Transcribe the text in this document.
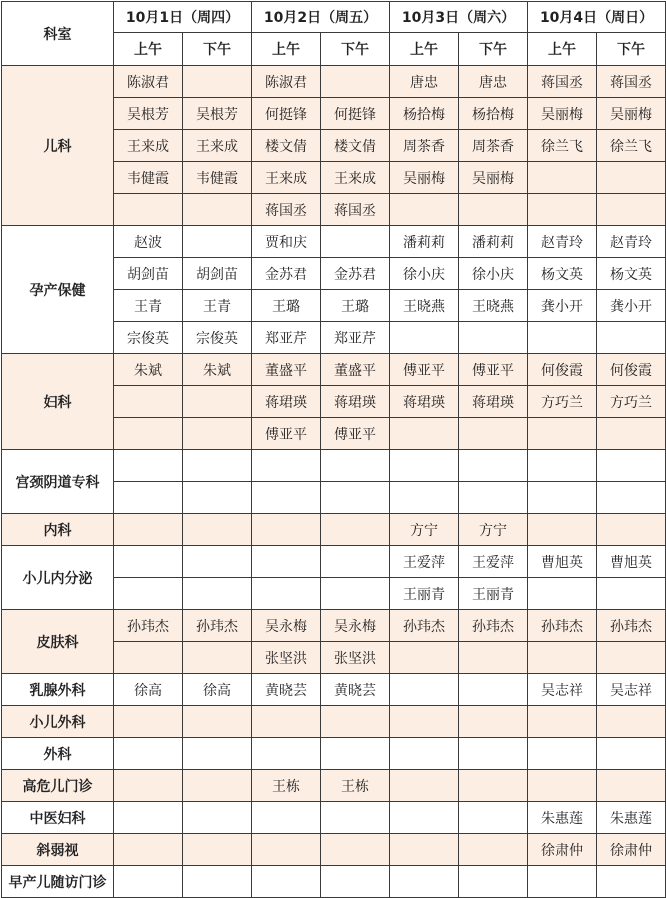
科室	10月1日（周四）		10月2日（周五）		10月3日（周六）		10月4日（周日）	
	上午	下午	上午	下午	上午	下午	上午	下午
儿科	陈淑君		陈淑君		唐忠	唐忠	蒋国丞	蒋国丞
	吴根芳	吴根芳	何挺锋	何挺锋	杨拾梅	杨拾梅	吴丽梅	吴丽梅
	王来成	王来成	楼文倩	楼文倩	周茶香	周茶香	徐兰飞	徐兰飞
	韦健霞	韦健霞	王来成	王来成	吴丽梅	吴丽梅		
			蒋国丞	蒋国丞				
孕产保健	赵波		贾和庆		潘莉莉	潘莉莉	赵青玲	赵青玲
	胡剑苗	胡剑苗	金苏君	金苏君	徐小庆	徐小庆	杨文英	杨文英
	王青	王青	王璐	王璐	王晓燕	王晓燕	龚小开	龚小开
	宗俊英	宗俊英	郑亚芹	郑亚芹				
妇科	朱斌	朱斌	董盛平	董盛平	傅亚平	傅亚平	何俊霞	何俊霞
			蒋珺瑛	蒋珺瑛	蒋珺瑛	蒋珺瑛	方巧兰	方巧兰
			傅亚平	傅亚平				
宫颈阴道专科								

内科					方宁	方宁		
小儿内分泌					王爱萍	王爱萍	曹旭英	曹旭英
					王丽青	王丽青		
皮肤科	孙玮杰	孙玮杰	吴永梅	吴永梅	孙玮杰	孙玮杰	孙玮杰	孙玮杰
			张坚洪	张坚洪				
乳腺外科	徐高	徐高	黄晓芸	黄晓芸			吴志祥	吴志祥
小儿外科								
外科								
高危儿门诊			王栋	王栋				
中医妇科							朱惠莲	朱惠莲
斜弱视							徐肃仲	徐肃仲
早产儿随访门诊								
